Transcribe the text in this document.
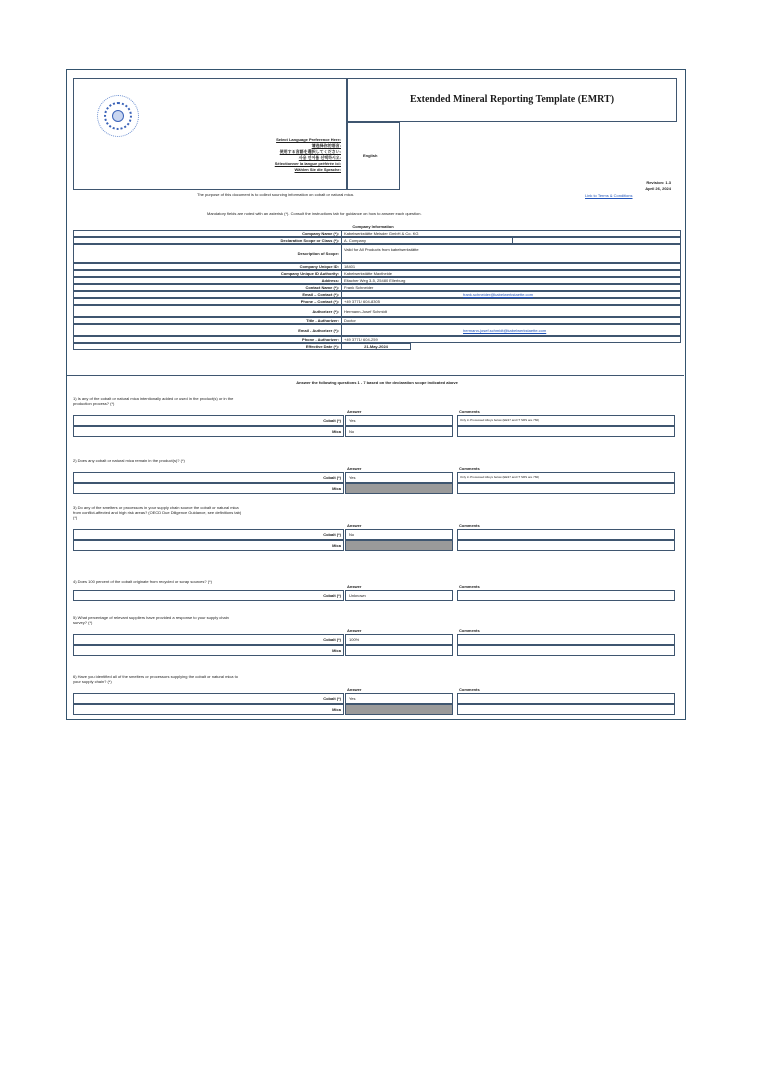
Extended Mineral Reporting Template (EMRT)
Select Language Preference Here:
请选择你的语言:
使用する言語を選択してください:
사용 언어를 선택하시오:
Sélectionner la langue préférée ici:
Wählen Sie die Sprache:
English
Revision: 1.3
April 26, 2024
Link to Terms & Conditions
The purpose of this document is to collect sourcing information on cobalt or natural mica.
Mandatory fields are noted with an asterisk (*). Consult the instructions tab for guidance on how to answer each question.
Company Information
Company Name (*): Kabelwerkstätte Meisder GmbH & Co. KG
Declaration Scope or Class (*): A. Company
Description of Scope:
Valid for All Products from kabelwerkstätte
Company Unique ID: 18401
Company Unique ID Authority: Kabelwerkstätte Maxtheide
Address: Eltacher Weg 3-5, 25480 Ellerburg
Contact Name (*): Frank Schneider
Email – Contact (*):	frank.schneider@kabelwerkstaette.com
Phone – Contact (*): +49 3771/ 604-8305
Authorizer (*): Hermann-Josef Schmidt
Title - Authorizer: Doctor
Email - Authorizer (*):	hermann-josef.schmidt@kabelwerkstaette.com
Phone - Authorizer: +49 3771/ 604-259
Effective Date (*):	21-May-2024
Answer the following questions 1 - 7 based on the declaration scope indicated above
1) Is any of the cobalt or natural mica intentionally added or used in the product(s) or in the
production process? (*)
Answer	Comments
Cobalt (*) Yes	Only in Processed Alloys below (EE37 and IT SRS are 760)
Mica No
2) Does any cobalt or natural mica remain in the product(s)? (*)
Answer	Comments
Cobalt (*) Yes	Only in Processed Alloys below (EE37 and IT SRS are 760)
Mica
3) Do any of the smelters or processors in your supply chain source the cobalt or natural mica
from conflict-affected and high risk areas? (OECD Due Diligence Guidance, see definitions tab)
(*)
Answer	Comments
Cobalt (*) No
Mica
4) Does 100 percent of the cobalt originate from recycled or scrap sources? (*)
Answer	Comments
Cobalt (*) Unknown
5) What percentage of relevant suppliers have provided a response to your supply chain
survey? (*)
Answer	Comments
Cobalt (*) 100%
Mica
6) Have you identified all of the smelters or processors supplying the cobalt or natural mica to
your supply chain? (*)
Answer	Comments
Cobalt (*) Yes
Mica
